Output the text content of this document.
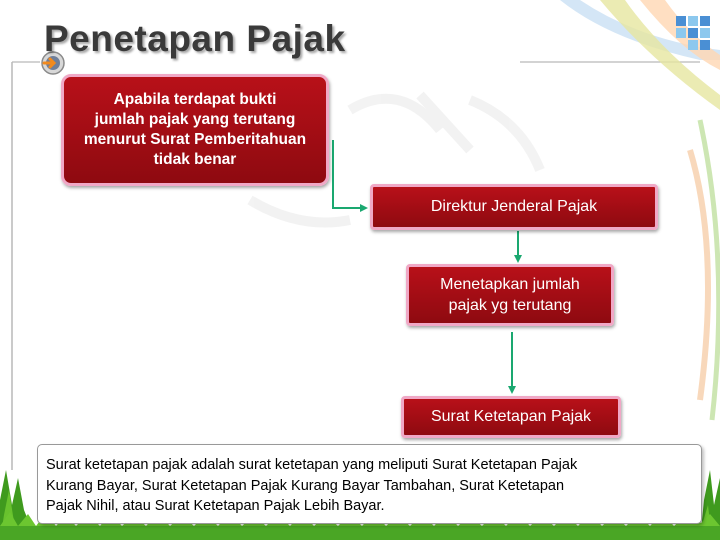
Penetapan Pajak
Apabila terdapat bukti
jumlah pajak yang terutang
menurut Surat Pemberitahuan
tidak benar
Direktur Jenderal Pajak
Menetapkan jumlah
pajak yg terutang
Surat Ketetapan Pajak
Surat ketetapan pajak adalah surat ketetapan yang meliputi Surat Ketetapan Pajak
Kurang Bayar, Surat Ketetapan Pajak Kurang Bayar Tambahan, Surat Ketetapan
Pajak Nihil, atau Surat Ketetapan Pajak Lebih Bayar.
